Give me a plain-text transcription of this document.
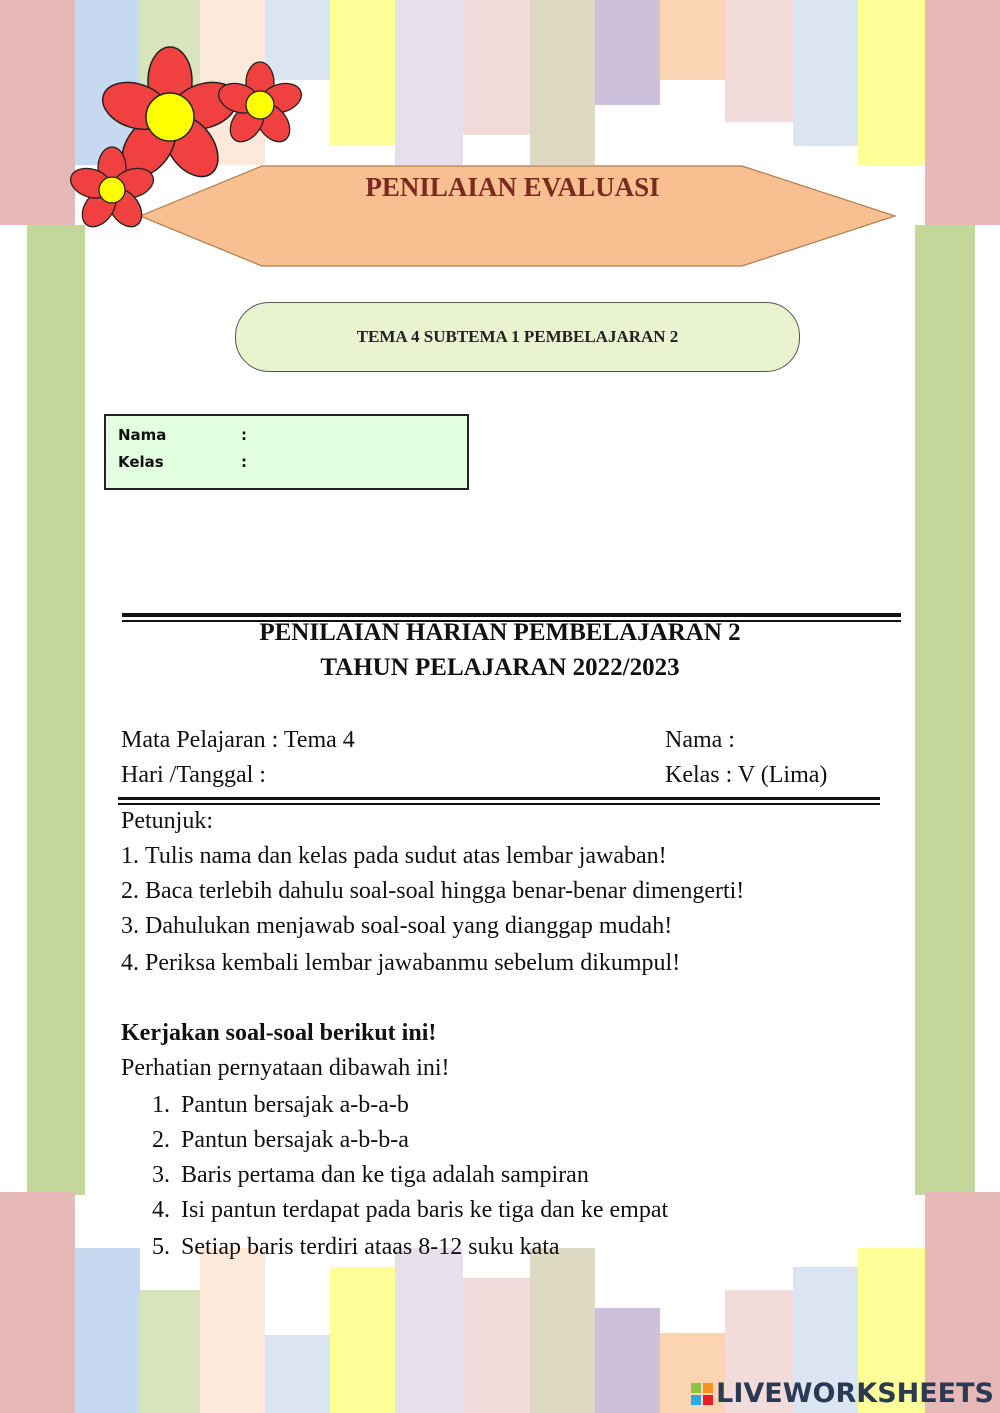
PENILAIAN EVALUASI
TEMA 4 SUBTEMA 1 PEMBELAJARAN 2
Nama	:
Kelas	:
PENILAIAN HARIAN PEMBELAJARAN 2
TAHUN PELAJARAN 2022/2023
Mata Pelajaran : Tema 4
Hari /Tanggal :
Nama :
Kelas : V (Lima)
Petunjuk:
1. Tulis nama dan kelas pada sudut atas lembar jawaban!
2. Baca terlebih dahulu soal-soal hingga benar-benar dimengerti!
3. Dahulukan menjawab soal-soal yang dianggap mudah!
4. Periksa kembali lembar jawabanmu sebelum dikumpul!
Kerjakan soal-soal berikut ini!
Perhatian pernyataan dibawah ini!
1. Pantun bersajak a-b-a-b
2. Pantun bersajak a-b-b-a
3. Baris pertama dan ke tiga adalah sampiran
4. Isi pantun terdapat pada baris ke tiga dan ke empat
5. Setiap baris terdiri ataas 8-12 suku kata
LIVEWORKSHEETS
